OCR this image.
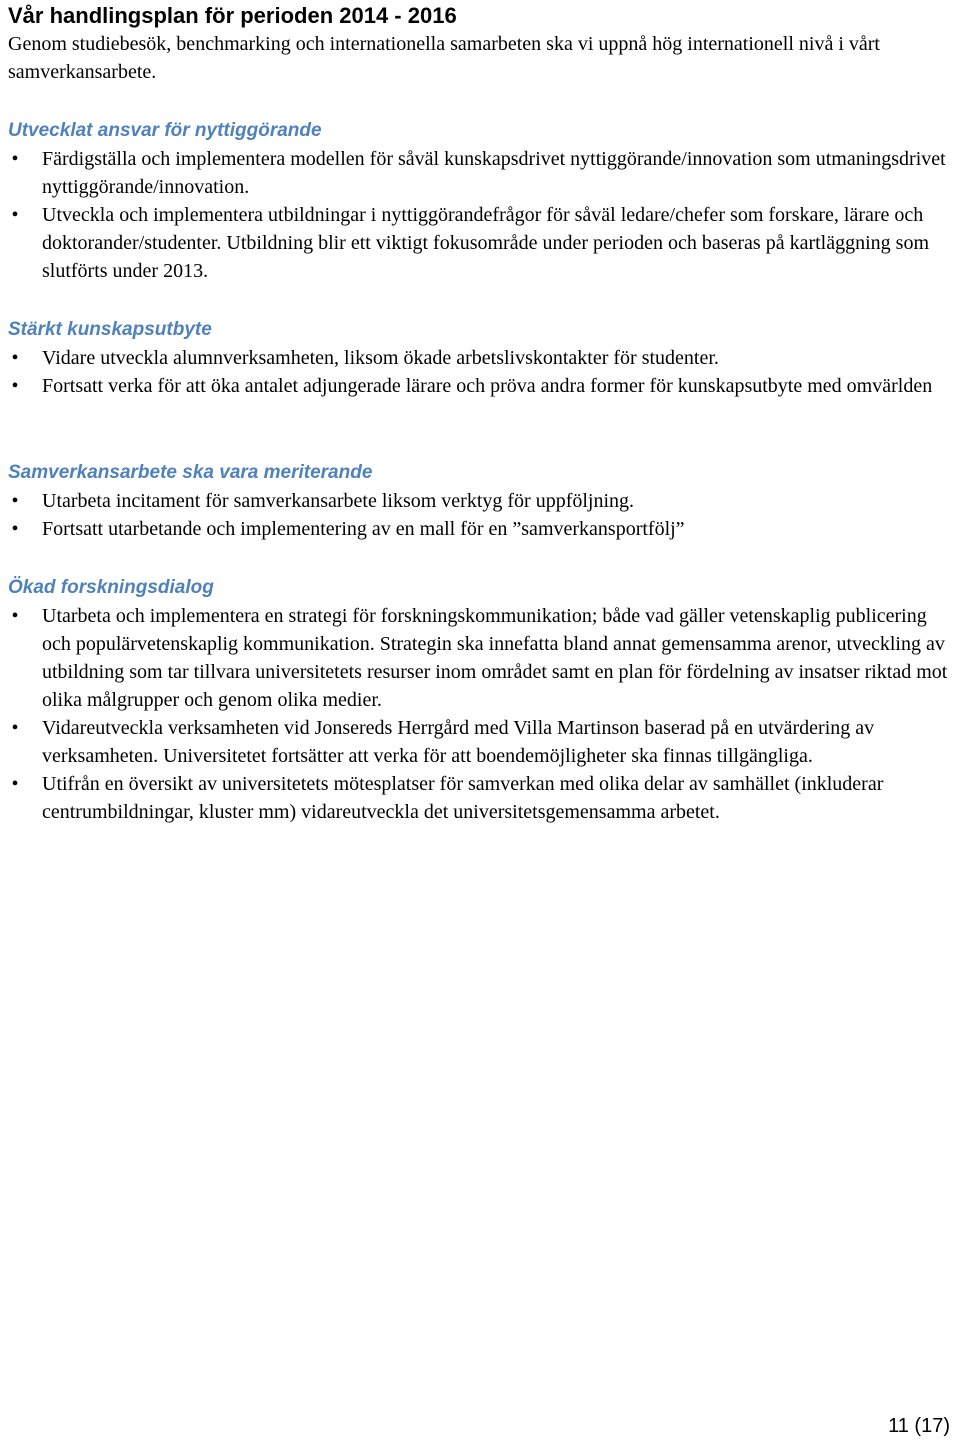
Vår handlingsplan för perioden 2014 - 2016

Genom studiebesök, benchmarking och internationella samarbeten ska vi uppnå hög internationell nivå i vårt samverkansarbete.

Utvecklat ansvar för nyttiggörande
• Färdigställa och implementera modellen för såväl kunskapsdrivet nyttiggörande/innovation som utmaningsdrivet nyttiggörande/innovation.
• Utveckla och implementera utbildningar i nyttiggörandefrågor för såväl ledare/chefer som forskare, lärare och doktorander/studenter. Utbildning blir ett viktigt fokusområde under perioden och baseras på kartläggning som slutförts under 2013.
Stärkt kunskapsutbyte
• Vidare utveckla alumnverksamheten, liksom ökade arbetslivskontakter för studenter.
• Fortsatt verka för att öka antalet adjungerade lärare och pröva andra former för kunskapsutbyte med omvärlden
Samverkansarbete ska vara meriterande
• Utarbeta incitament för samverkansarbete liksom verktyg för uppföljning.
• Fortsatt utarbetande och implementering av en mall för en ”samverkansportfölj”
Ökad forskningsdialog
• Utarbeta och implementera en strategi för forskningskommunikation; både vad gäller vetenskaplig publicering och populärvetenskaplig kommunikation. Strategin ska innefatta bland annat gemensamma arenor, utveckling av utbildning som tar tillvara universitetets resurser inom området samt en plan för fördelning av insatser riktad mot olika målgrupper och genom olika medier.
• Vidareutveckla verksamheten vid Jonsereds Herrgård med Villa Martinson baserad på en utvärdering av verksamheten. Universitetet fortsätter att verka för att boendemöjligheter ska finnas tillgängliga.
• Utifrån en översikt av universitetets mötesplatser för samverkan med olika delar av samhället (inkluderar centrumbildningar, kluster mm) vidareutveckla det universitetsgemensamma arbetet.
11 (17)
